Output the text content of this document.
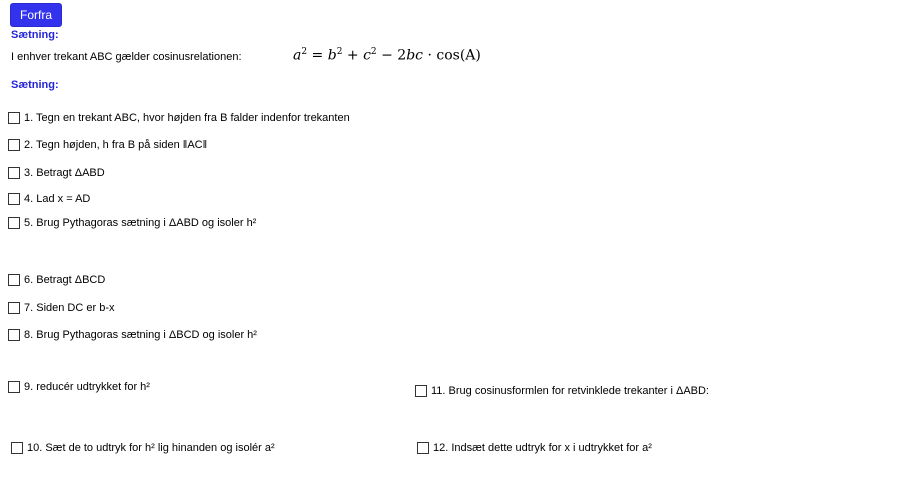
Forfra
Sætning:
I enhver trekant ABC gælder cosinusrelationen:	$a^2 = b^2 + c^2 - 2bc \cdot \cos(A)$
Sætning:
1. Tegn en trekant ABC, hvor højden fra B falder indenfor trekanten
2. Tegn højden, h fra B på siden ‖AC‖
3. Betragt ΔABD
4. Lad x = AD
5. Brug Pythagoras sætning i ΔABD og isoler h²
6. Betragt ΔBCD
7. Siden DC er b-x
8. Brug Pythagoras sætning i ΔBCD og isoler h²
9. reducér udtrykket for h²
10. Sæt de to udtryk for h² lig hinanden og isolér a²
11. Brug cosinusformlen for retvinklede trekanter i ΔABD:
12. Indsæt dette udtryk for x i udtrykket for a²
